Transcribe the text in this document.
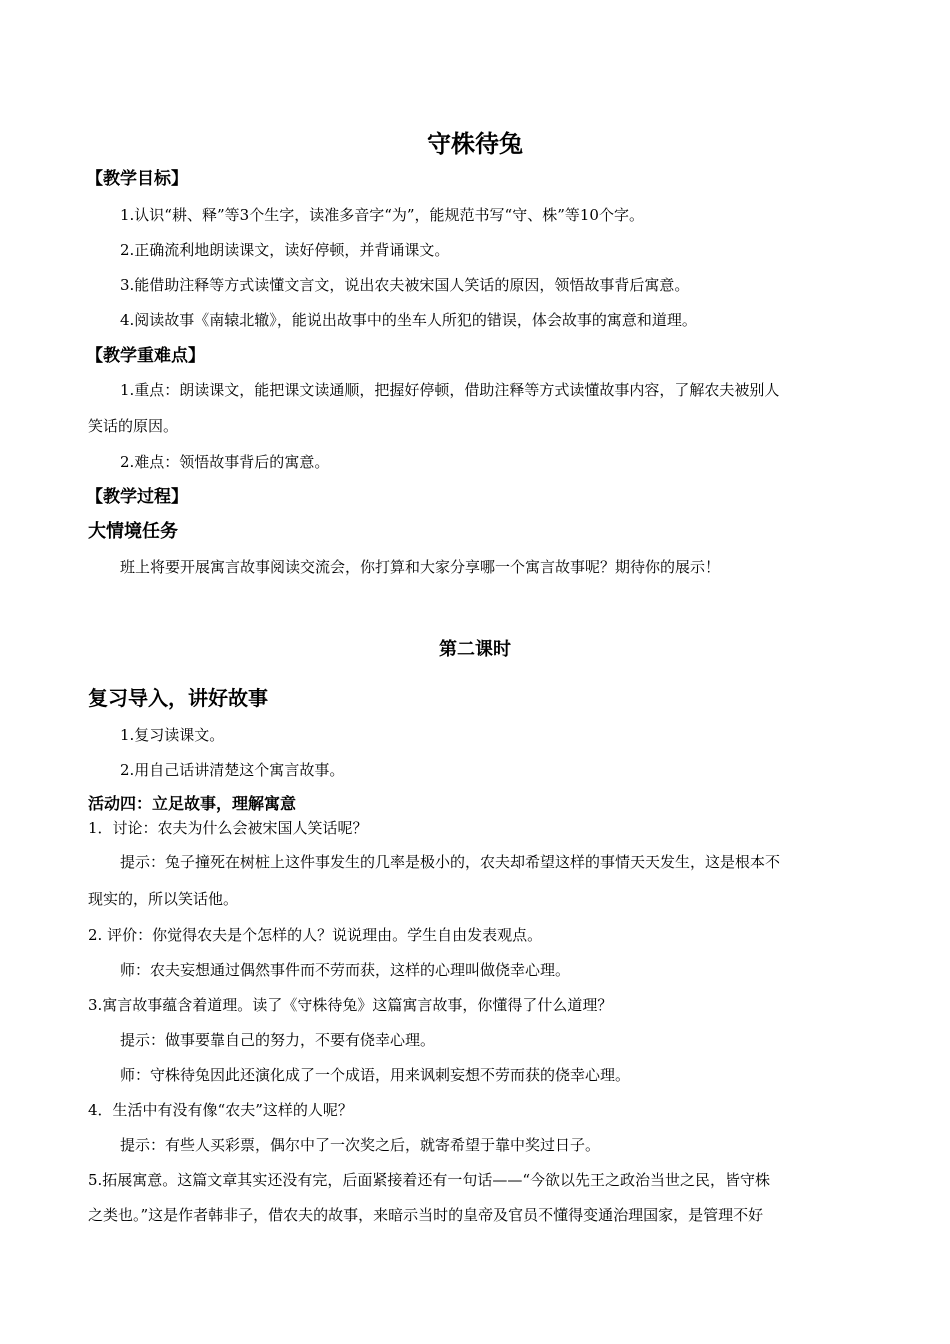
守株待兔
【教学目标】
1.认识“耕、释”等3个生字，读准多音字“为”，能规范书写“守、株”等10个字。
2.正确流利地朗读课文，读好停顿，并背诵课文。
3.能借助注释等方式读懂文言文，说出农夫被宋国人笑话的原因，领悟故事背后寓意。
4.阅读故事《南辕北辙》，能说出故事中的坐车人所犯的错误，体会故事的寓意和道理。
【教学重难点】
1.重点：朗读课文，能把课文读通顺，把握好停顿，借助注释等方式读懂故事内容，了解农夫被别人
笑话的原因。
2.难点：领悟故事背后的寓意。
【教学过程】
大情境任务
班上将要开展寓言故事阅读交流会，你打算和大家分享哪一个寓言故事呢？期待你的展示！
第二课时
复习导入，讲好故事
1.复习读课文。
2.用自己话讲清楚这个寓言故事。
活动四：立足故事，理解寓意
1．讨论：农夫为什么会被宋国人笑话呢？
提示：兔子撞死在树桩上这件事发生的几率是极小的，农夫却希望这样的事情天天发生，这是根本不
现实的，所以笑话他。
2. 评价：你觉得农夫是个怎样的人？说说理由。学生自由发表观点。
师：农夫妄想通过偶然事件而不劳而获，这样的心理叫做侥幸心理。
3.寓言故事蕴含着道理。读了《守株待兔》这篇寓言故事，你懂得了什么道理？
提示：做事要靠自己的努力，不要有侥幸心理。
师：守株待兔因此还演化成了一个成语，用来讽刺妄想不劳而获的侥幸心理。
4．生活中有没有像“农夫”这样的人呢？
提示：有些人买彩票，偶尔中了一次奖之后，就寄希望于靠中奖过日子。
5.拓展寓意。这篇文章其实还没有完，后面紧接着还有一句话——“今欲以先王之政治当世之民，皆守株
之类也。”这是作者韩非子，借农夫的故事，来暗示当时的皇帝及官员不懂得变通治理国家，是管理不好
